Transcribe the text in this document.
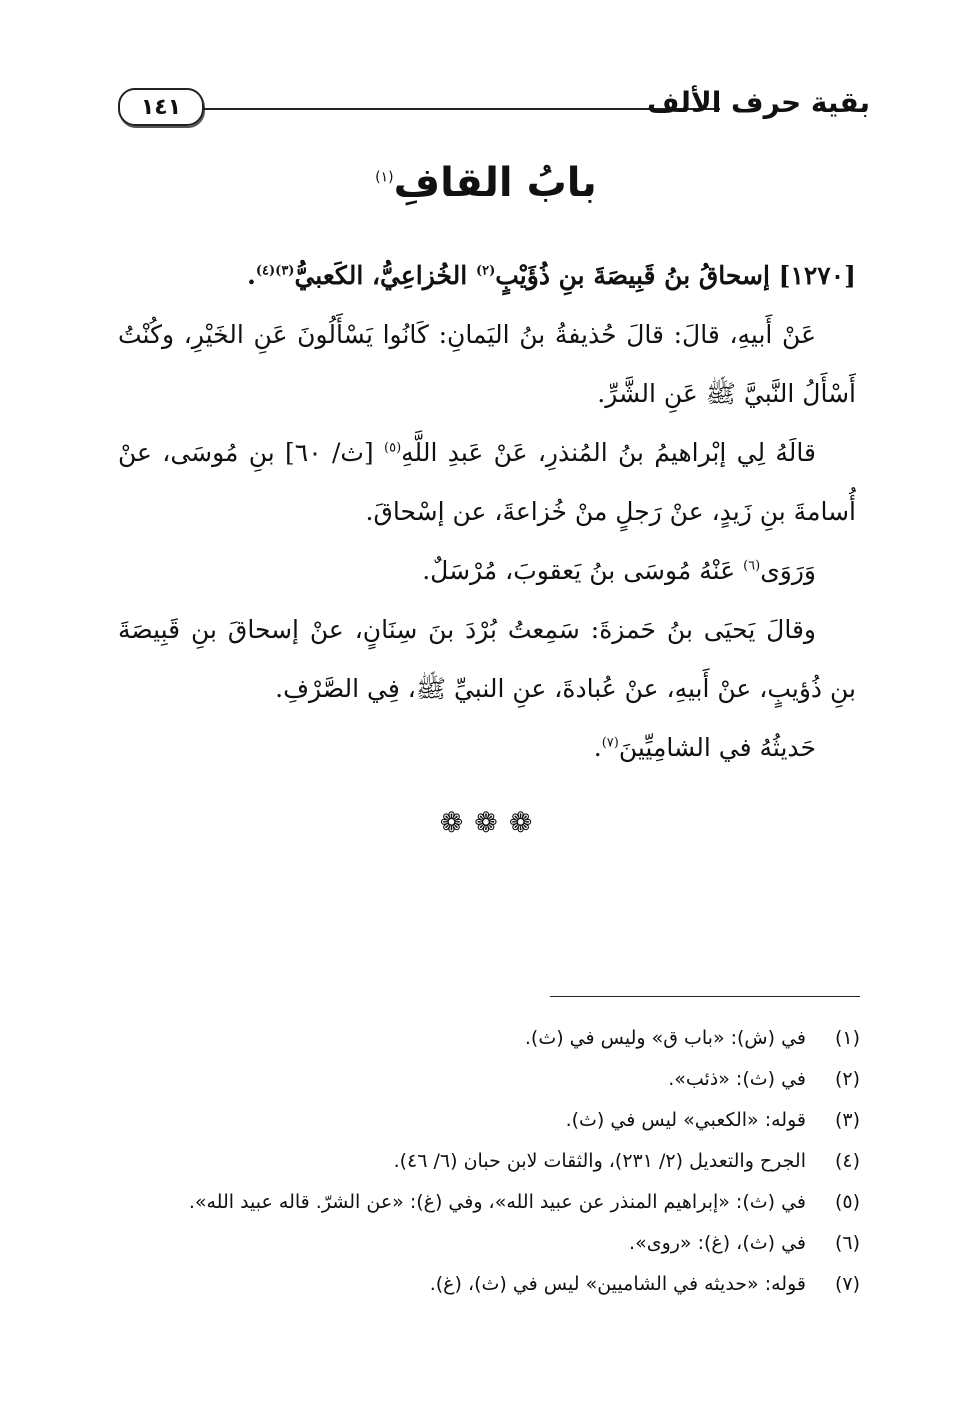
١٤١	بقية حرف الألف
بابُ القافِ$^{(١)}$

[١٢٧٠] إسحاقُ بنُ قَبِيصَةَ بنِ ذُؤَيْبٍ$^{(٢)}$ الخُزاعِيُّ، الكَعبيُّ$^{(٣)(٤)}$.

عَنْ أَبيهِ، قالَ: قالَ حُذيفةُ بنُ اليَمانِ: كَانُوا يَسْأَلُونَ عَنِ الخَيْرِ، وكُنْتُ أَسْأَلُ النَّبيَّ ﷺ عَنِ الشَّرِّ.

قالَهُ لِي إبْراهيمُ بنُ المُنذرِ، عَنْ عَبدِ اللَّهِ$^{(٥)}$ [ث/ ٦٠] بنِ مُوسَى، عنْ أُسامةَ بنِ زَيدٍ، عنْ رَجلٍ منْ خُزاعةَ، عن إسْحاقَ.

وَرَوَى$^{(٦)}$ عَنْهُ مُوسَى بنُ يَعقوبَ، مُرْسَلٌ.

وقالَ يَحيَى بنُ حَمزةَ: سَمِعتُ بُرْدَ بنَ سِنَانٍ، عنْ إسحاقَ بنِ قَبِيصَةَ بنِ ذُؤيبٍ، عنْ أَبيهِ، عنْ عُبادةَ، عنِ النبيِّ ﷺ، فِي الصَّرْفِ.

حَديثُهُ في الشامِيِّينَ$^{(٧)}$.

❁ ❁ ❁
(١)في (ش): «باب ق» وليس في (ث).
(٢)في (ث): «ذئب».
(٣)قوله: «الكعبي» ليس في (ث).
(٤)الجرح والتعديل (٢/ ٢٣١)، والثقات لابن حبان (٦/ ٤٦).
(٥)في (ث): «إبراهيم المنذر عن عبيد الله»، وفي (غ): «عن الشرّ. قاله عبيد الله».
(٦)في (ث)، (غ): «روى».
(٧)قوله: «حديثه في الشاميين» ليس في (ث)، (غ).
